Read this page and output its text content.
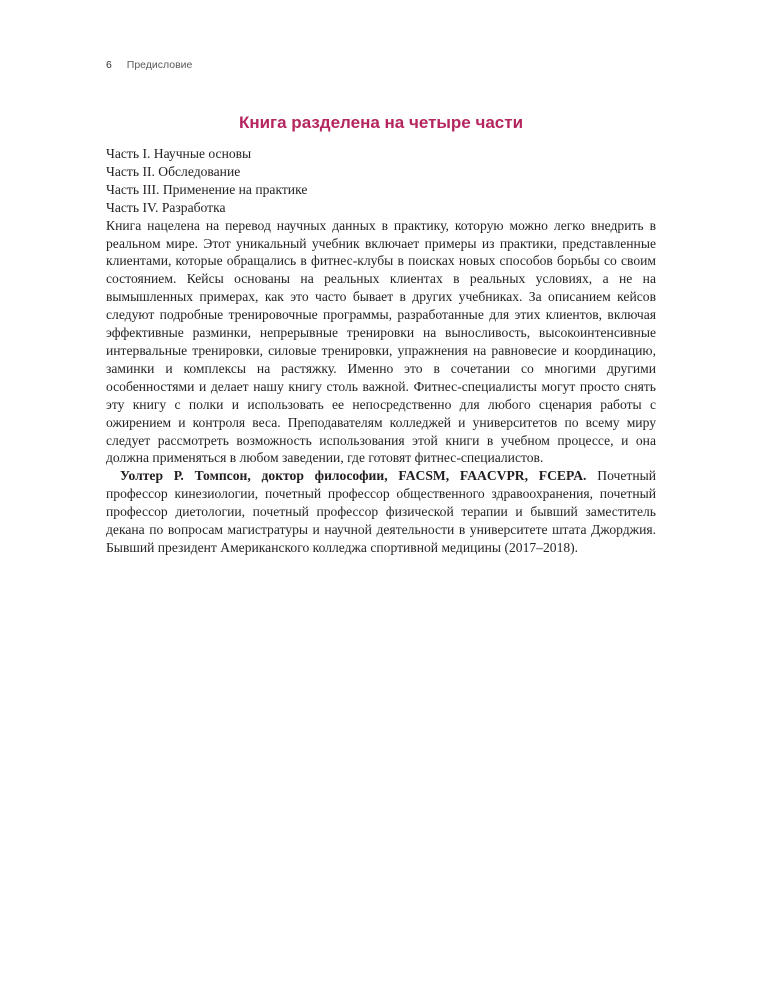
6 Предисловие
Книга разделена на четыре части
Часть I. Научные основы
Часть II. Обследование
Часть III. Применение на практике
Часть IV. Разработка

Книга нацелена на перевод научных данных в практику, которую можно легко внедрить в реальном мире. Этот уникальный учебник включает примеры из практики, представленные клиентами, которые обращались в фитнес-клубы в поисках новых способов борьбы со своим состоянием. Кейсы основаны на реальных клиентах в реальных условиях, а не на вымышленных примерах, как это часто бывает в других учебниках. За описанием кейсов следуют подробные тренировочные программы, разработанные для этих клиентов, включая эффективные разминки, непрерывные тренировки на выносливость, высокоинтенсивные интервальные тренировки, силовые тренировки, упражнения на равновесие и координацию, заминки и комплексы на растяжку. Именно это в сочетании со многими другими особенностями и делает нашу книгу столь важной. Фитнес-специалисты могут просто снять эту книгу с полки и использовать ее непосредственно для любого сценария работы с ожирением и контроля веса. Преподавателям колледжей и университетов по всему миру следует рассмотреть возможность использования этой книги в учебном процессе, и она должна применяться в любом заведении, где готовят фитнес-специалистов.

Уолтер Р. Томпсон, доктор философии, FACSM, FAACVPR, FCEPA. Почетный профессор кинезиологии, почетный профессор общественного здравоохранения, почетный профессор диетологии, почетный профессор физической терапии и бывший заместитель декана по вопросам магистратуры и научной деятельности в университете штата Джорджия. Бывший президент Американского колледжа спортивной медицины (2017–2018).
